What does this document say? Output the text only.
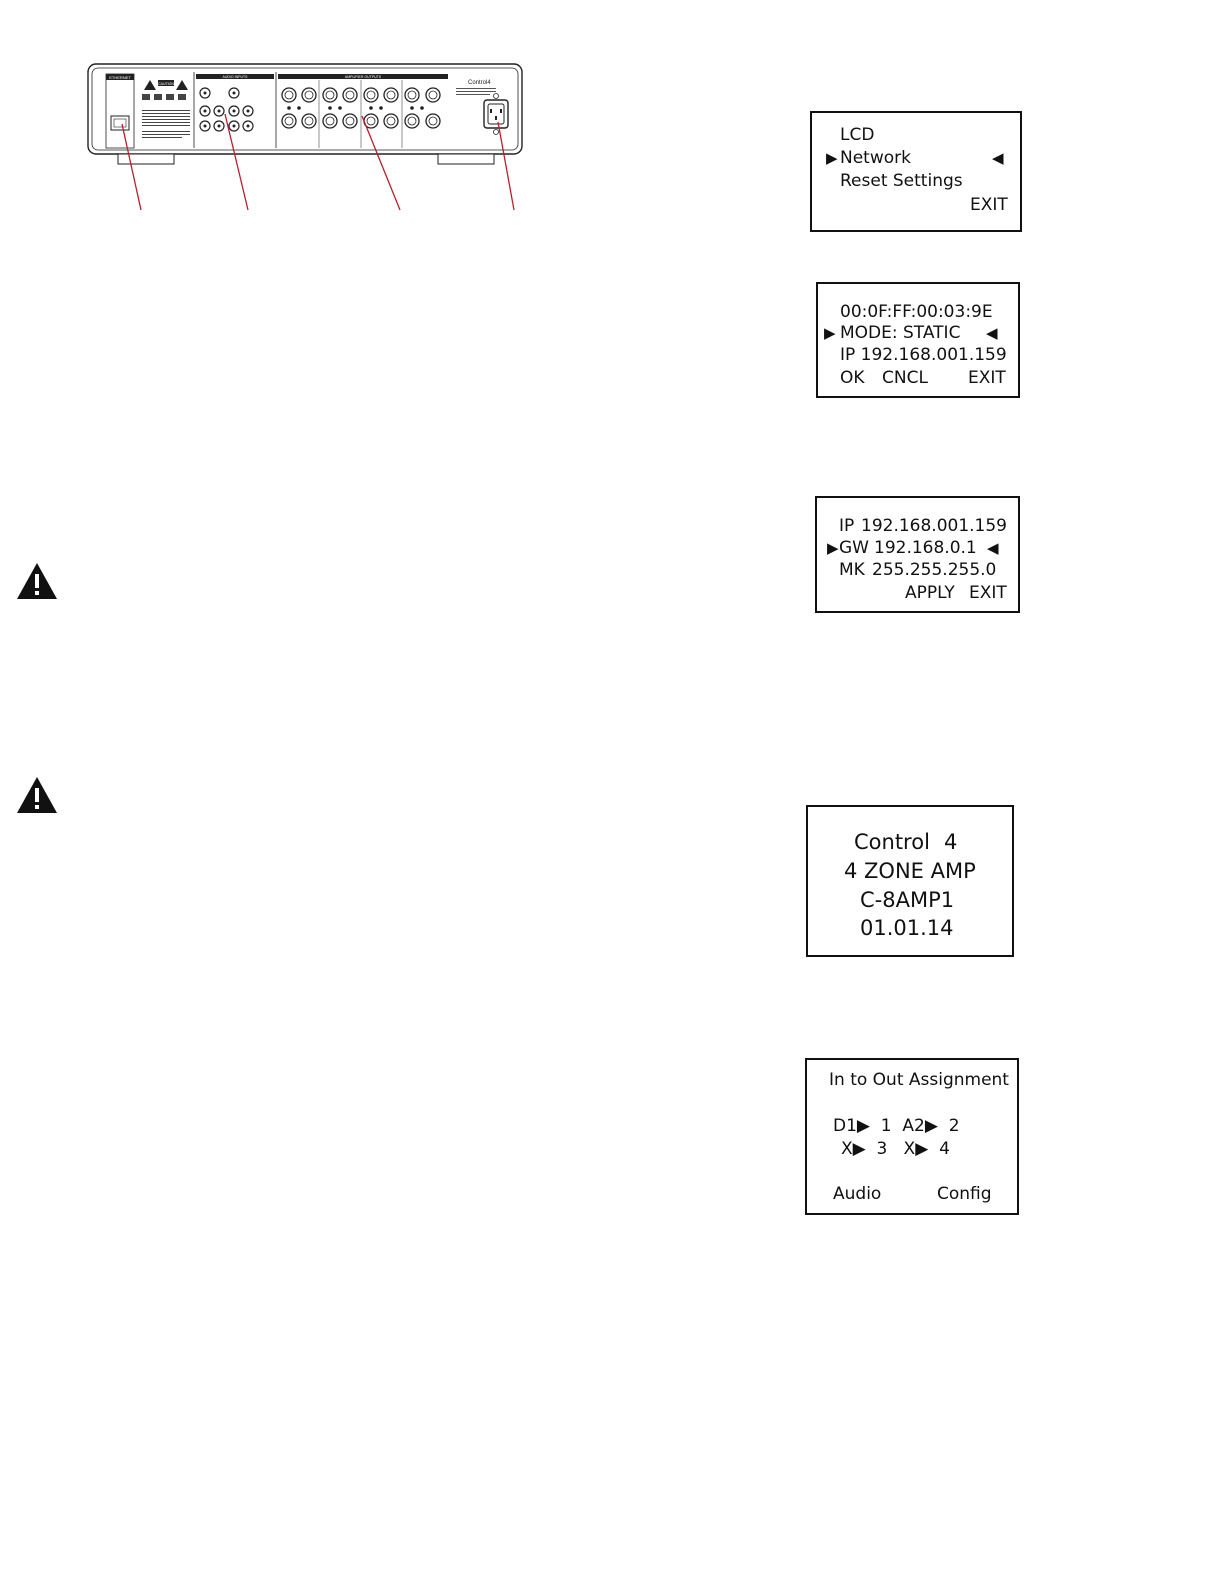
ETHERNET
CAUTION
AUDIO INPUTS	AMPLIFIER OUTPUTS
Control4
LCD
▶ Network	◀
Reset Settings
EXIT
00:0F:FF:00:03:9E
▶ MODE: STATIC ◀
IP 192.168.001.159
OK CNCL EXIT
IP 192.168.001.159
▶ GW 192.168.0.1 ◀
MK 255.255.255.0
APPLY EXIT
Control 4
4 ZONE AMP
C-8AMP1
01.01.14
In to Out Assignment
D1▶  1  A2▶  2
X▶  3   X▶  4
Audio	Config
